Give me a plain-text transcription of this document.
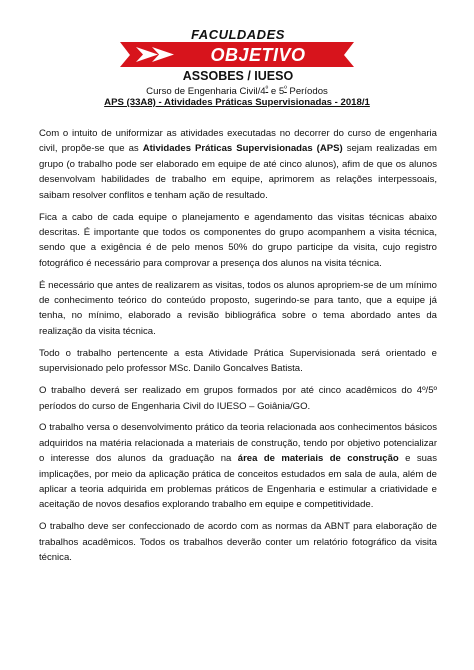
FACULDADES
OBJETIVO
ASSOBES / IUESO
Curso de Engenharia Civil/$4^º$ e $5^º$ Períodos
APS (33A8) - Atividades Práticas Supervisionadas - 2018/1

Com o intuito de uniformizar as atividades executadas no decorrer do curso de engenharia civil, propõe-se que as Atividades Práticas Supervisionadas (APS) sejam realizadas em grupo (o trabalho pode ser elaborado em equipe de até cinco alunos), afim de que os alunos desenvolvam habilidades de trabalho em equipe, aprimorem as relações interpessoais, saibam resolver conflitos e tenham ação de resultado.

Fica a cabo de cada equipe o planejamento e agendamento das visitas técnicas abaixo descritas. É importante que todos os componentes do grupo acompanhem a visita técnica, sendo que a exigência é de pelo menos 50% do grupo participe da visita, cujo registro fotográfico é necessário para comprovar a presença dos alunos na visita técnica.

É necessário que antes de realizarem as visitas, todos os alunos apropriem-se de um mínimo de conhecimento teórico do conteúdo proposto, sugerindo-se para tanto, que a equipe já tenha, no mínimo, elaborado a revisão bibliográfica sobre o tema abordado antes da realização da visita técnica.

Todo o trabalho pertencente a esta Atividade Prática Supervisionada será orientado e supervisionado pelo professor MSc. Danilo Goncalves Batista.

O trabalho deverá ser realizado em grupos formados por até cinco acadêmicos do 4º/5º períodos do curso de Engenharia Civil do IUESO – Goiânia/GO.

O trabalho versa o desenvolvimento prático da teoria relacionada aos conhecimentos básicos adquiridos na matéria relacionada a materiais de construção, tendo por objetivo potencializar o interesse dos alunos da graduação na área de materiais de construção e suas implicações, por meio da aplicação prática de conceitos estudados em sala de aula, além de aplicar a teoria adquirida em problemas práticos de Engenharia e estimular a criatividade e aceitação de novos desafios explorando trabalho em equipe e competitividade.

O trabalho deve ser confeccionado de acordo com as normas da ABNT para elaboração de trabalhos acadêmicos. Todos os trabalhos deverão conter um relatório fotográfico da visita técnica.
